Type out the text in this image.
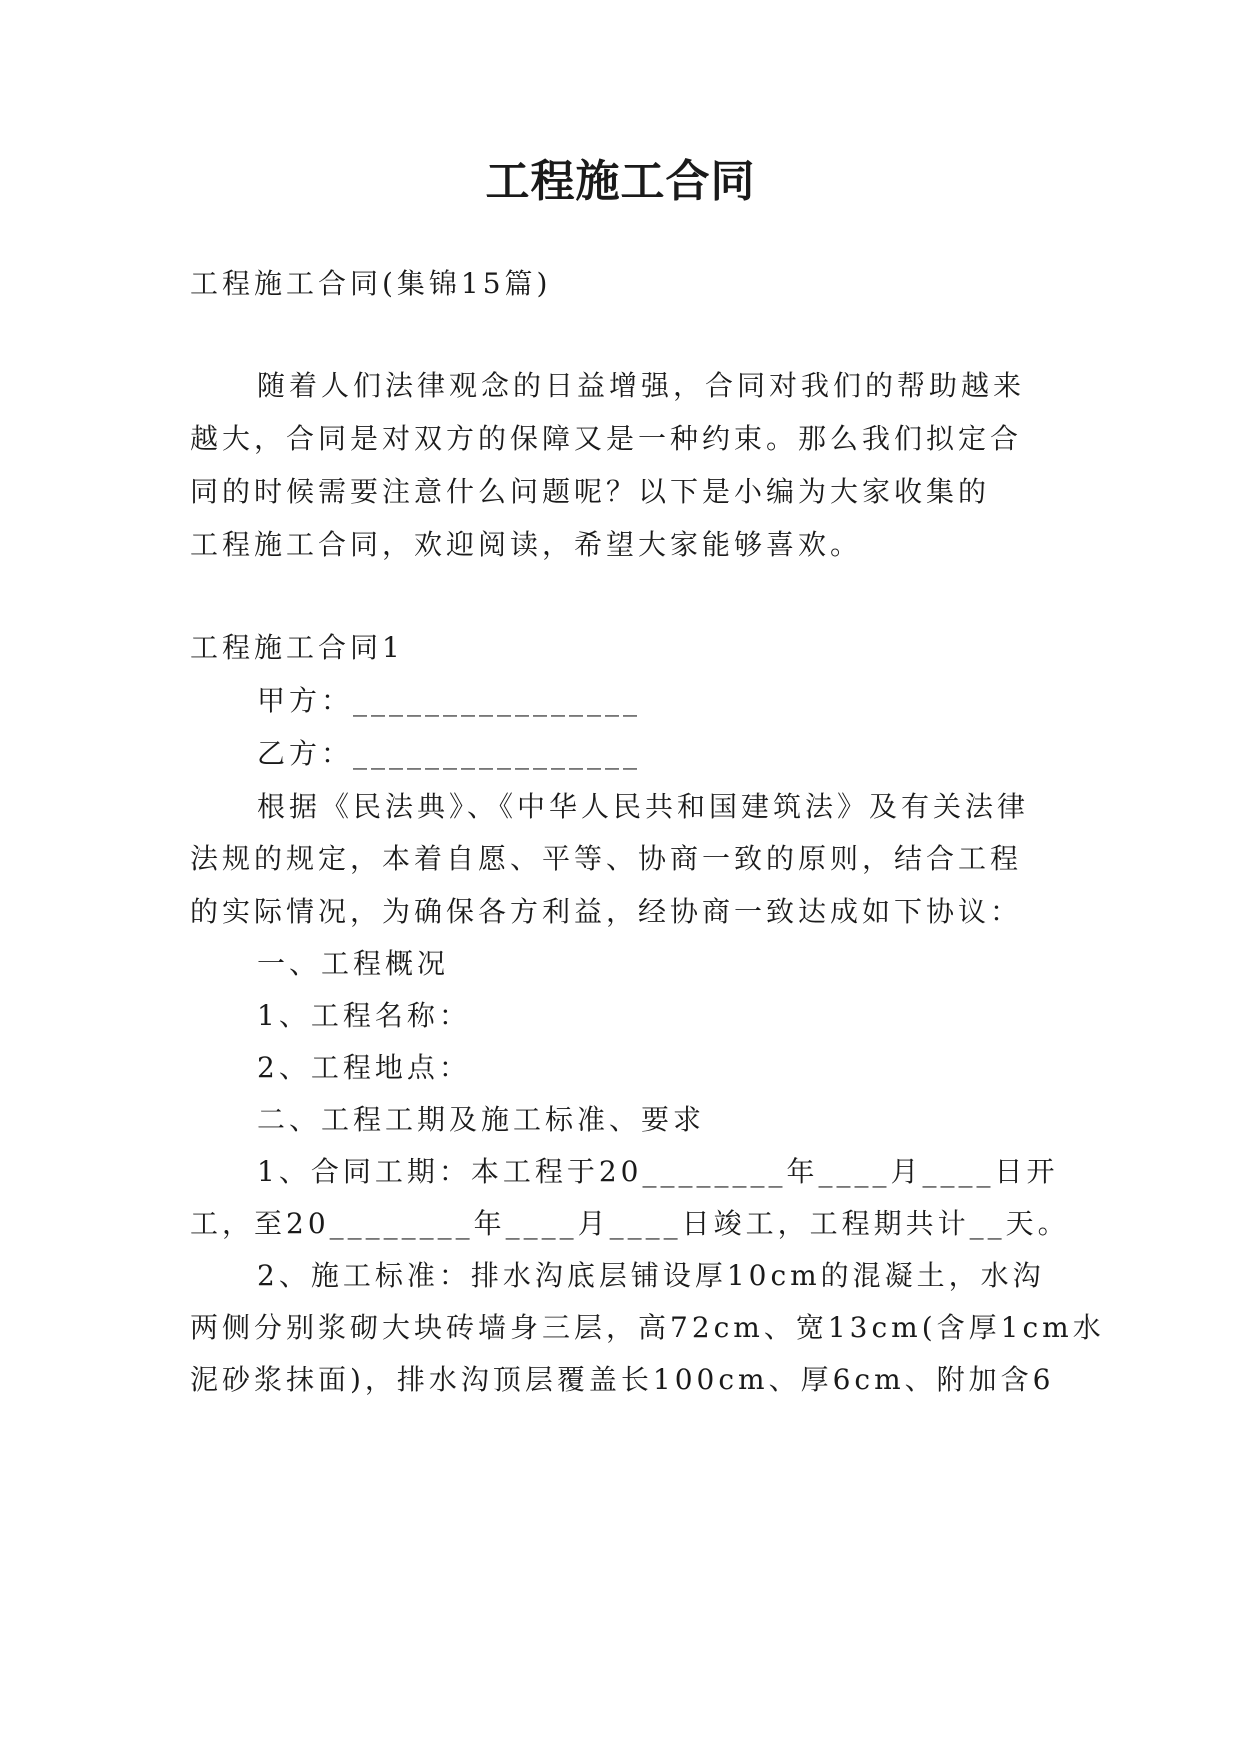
工程施工合同
工程施工合同(集锦15篇)
随着人们法律观念的日益增强，合同对我们的帮助越来
越大，合同是对双方的保障又是一种约束。那么我们拟定合
同的时候需要注意什么问题呢？以下是小编为大家收集的
工程施工合同，欢迎阅读，希望大家能够喜欢。
工程施工合同1
甲方：________________
乙方：________________
根据《民法典》、《中华人民共和国建筑法》及有关法律
法规的规定，本着自愿、平等、协商一致的原则，结合工程
的实际情况，为确保各方利益，经协商一致达成如下协议：
一、工程概况
1、工程名称：
2、工程地点：
二、工程工期及施工标准、要求
1、合同工期：本工程于20________年____月____日开
工，至20________年____月____日竣工，工程期共计__天。
2、施工标准：排水沟底层铺设厚10cm的混凝土，水沟
两侧分别浆砌大块砖墙身三层，高72cm、宽13cm(含厚1cm水
泥砂浆抹面)，排水沟顶层覆盖长100cm、厚6cm、附加含6
